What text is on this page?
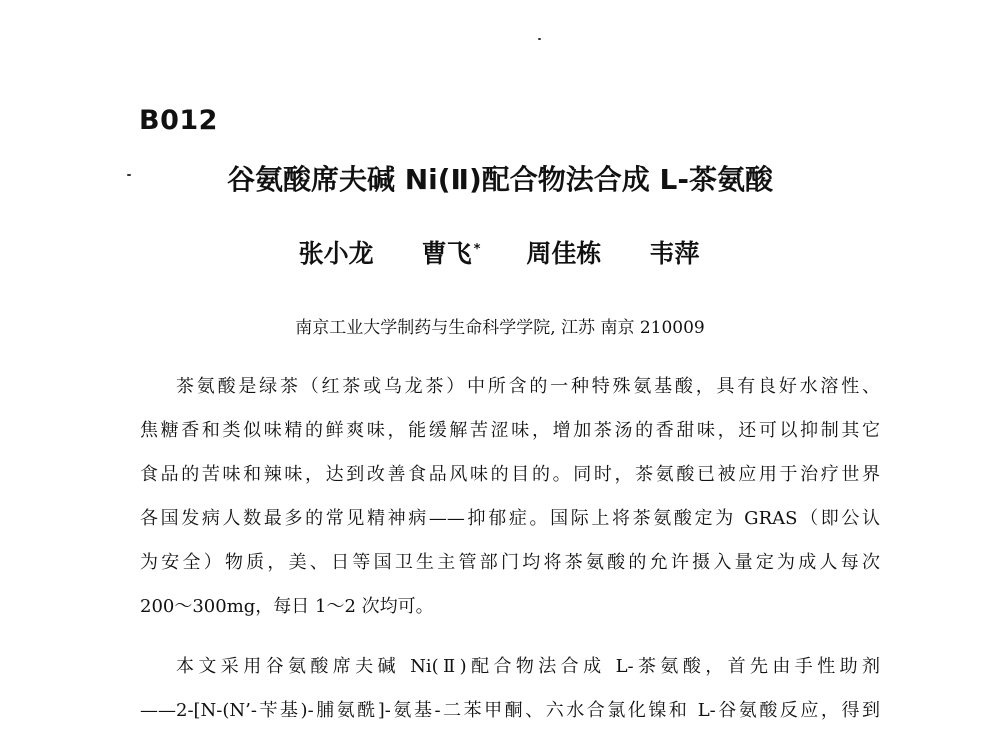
B012
谷氨酸席夫碱 Ni(Ⅱ)配合物法合成 L-茶氨酸
张小龙 曹飞 * 周佳栋 韦萍
南京工业大学制药与生命科学学院, 江苏 南京 210009
茶氨酸是绿茶（红茶或乌龙茶）中所含的一种特殊氨基酸，具有良好水溶性、
焦糖香和类似味精的鲜爽味，能缓解苦涩味，增加茶汤的香甜味，还可以抑制其它
食品的苦味和辣味，达到改善食品风味的目的。同时，茶氨酸已被应用于治疗世界
各国发病人数最多的常见精神病——抑郁症。国际上将茶氨酸定为 GRAS（即公认
为安全）物质，美、日等国卫生主管部门均将茶氨酸的允许摄入量定为成人每次
200～300mg，每日 1～2 次均可。
本文采用谷氨酸席夫碱 Ni(Ⅱ)配合物法合成 L-茶氨酸，首先由手性助剂
——2-[N-(N’-苄基)-脯氨酰]-氨基-二苯甲酮、六水合氯化镍和 L-谷氨酸反应，得到
